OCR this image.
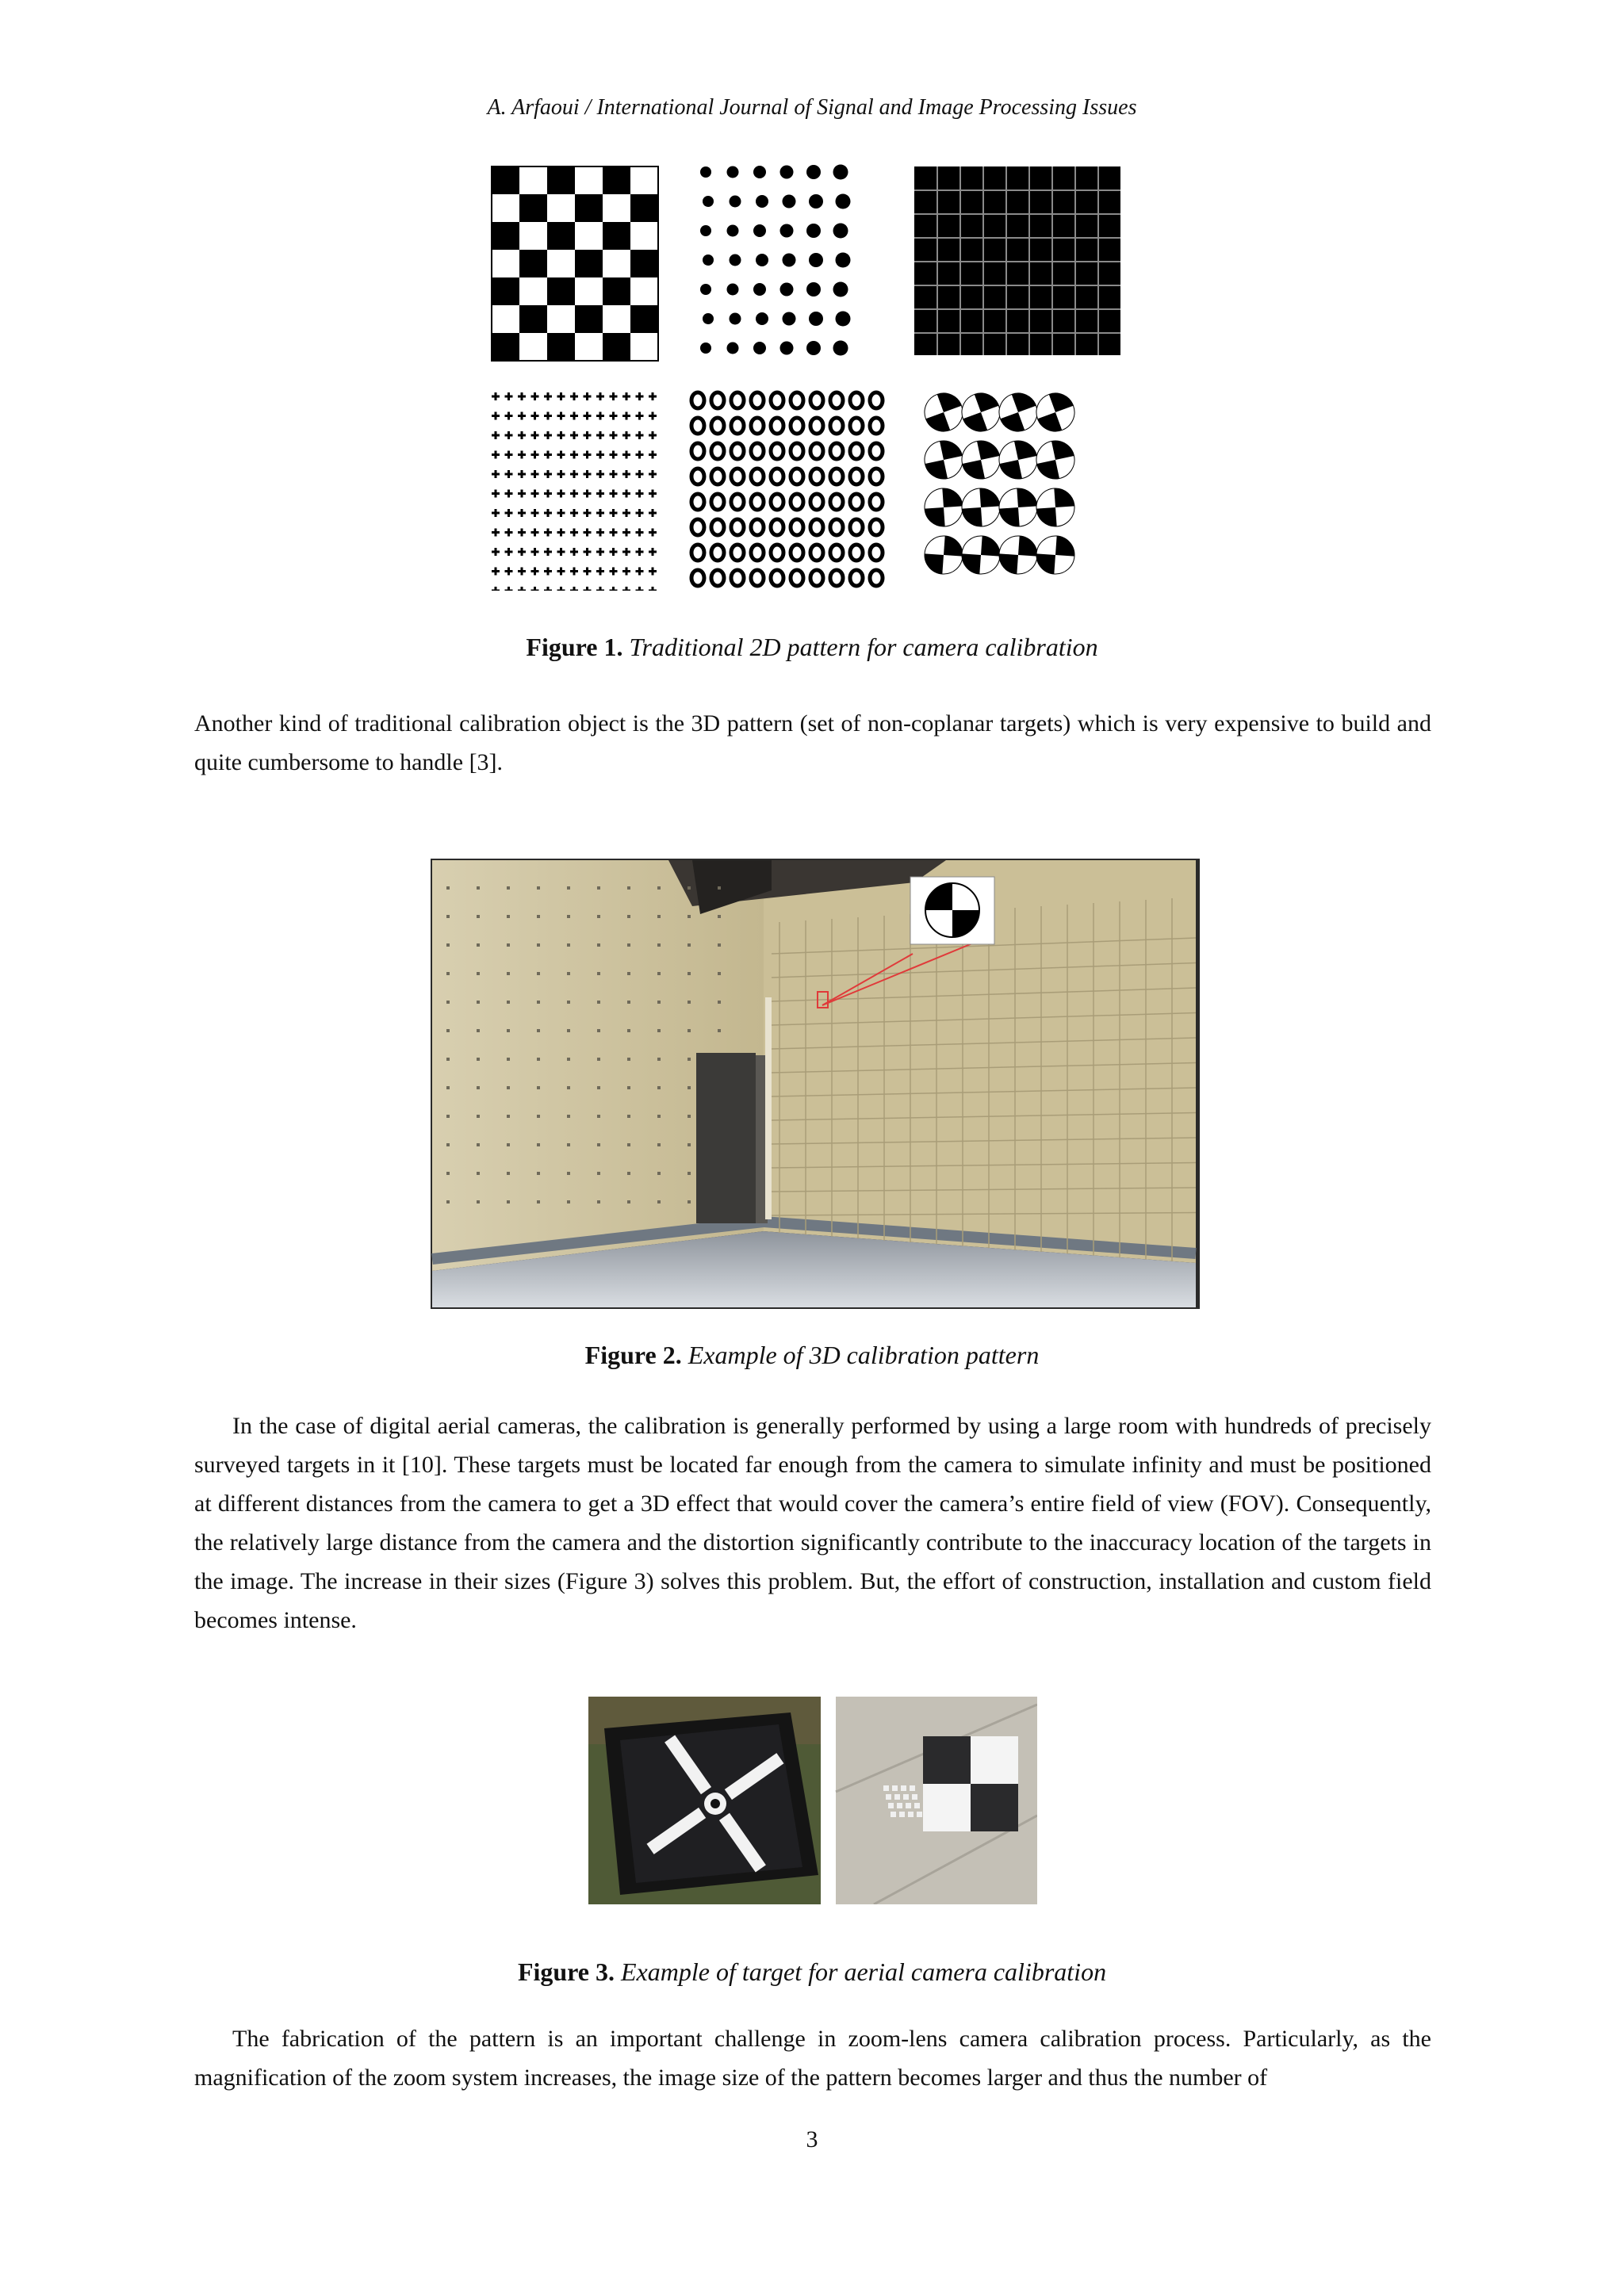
A. Arfaoui / International Journal of Signal and Image Processing Issues
Figure 1. Traditional 2D pattern for camera calibration

Another kind of traditional calibration object is the 3D pattern (set of non-coplanar targets) which is very expensive to build and quite cumbersome to handle [3].

Figure 2. Example of 3D calibration pattern

In the case of digital aerial cameras, the calibration is generally performed by using a large room with hundreds of precisely surveyed targets in it [10]. These targets must be located far enough from the camera to simulate infinity and must be positioned at different distances from the camera to get a 3D effect that would cover the camera’s entire field of view (FOV). Consequently, the relatively large distance from the camera and the distortion significantly contribute to the inaccuracy location of the targets in the image. The increase in their sizes (Figure 3) solves this problem. But, the effort of construction, installation and custom field becomes intense.

Figure 3. Example of target for aerial camera calibration

The fabrication of the pattern is an important challenge in zoom-lens camera calibration process. Particularly, as the magnification of the zoom system increases, the image size of the pattern becomes larger and thus the number of

3
